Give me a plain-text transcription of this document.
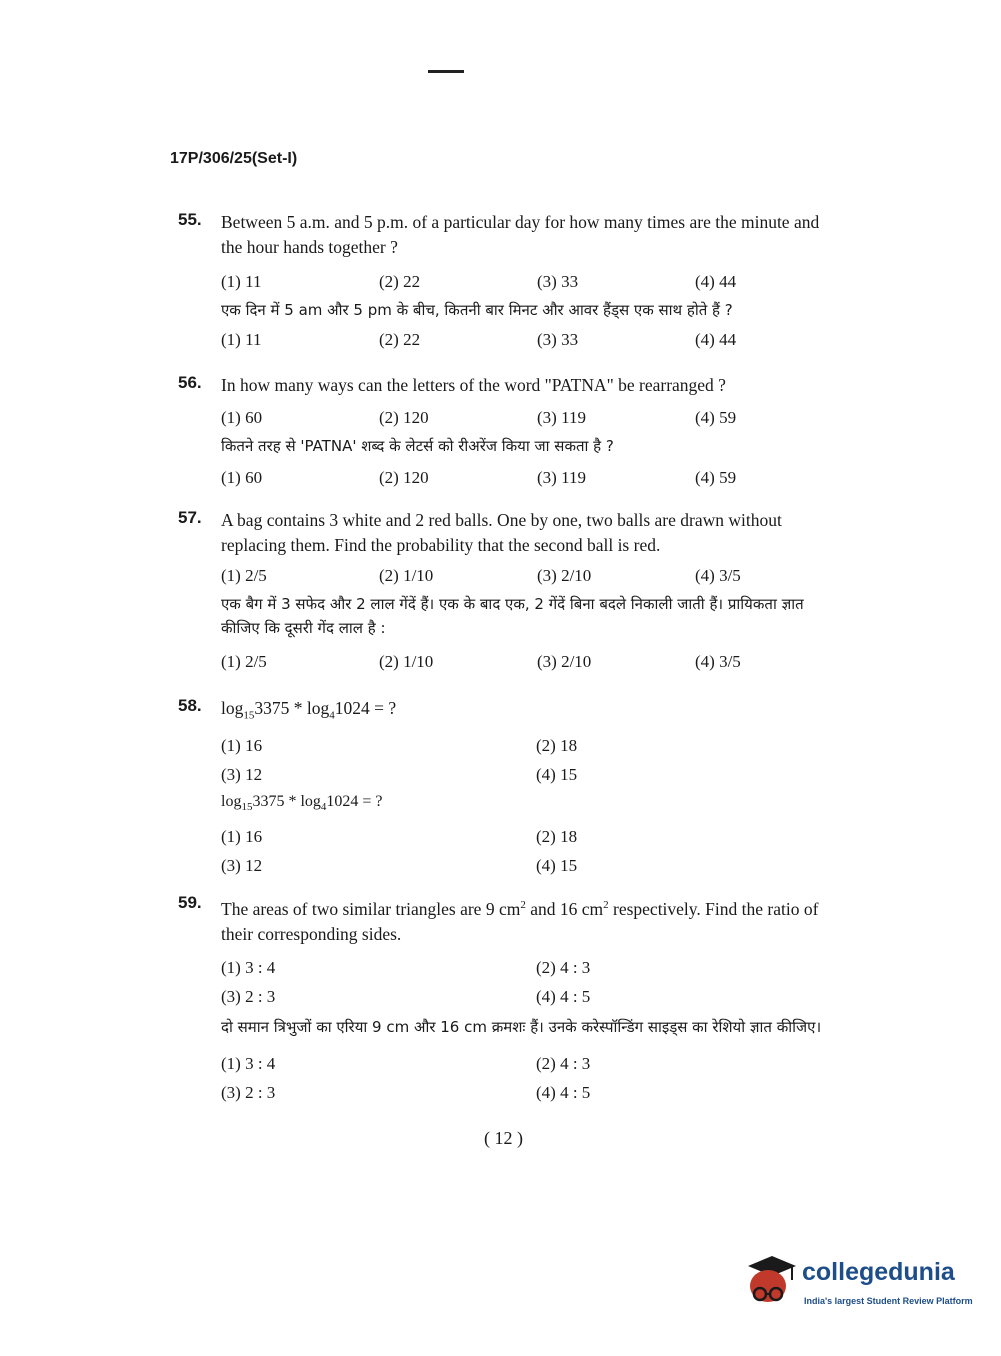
17P/306/25(Set-I)
55. Between 5 a.m. and 5 p.m. of a particular day for how many times are the minute and the hour hands together ?
(1) 11	(2) 22	(3) 33	(4) 44
एक दिन में 5 am और 5 pm के बीच, कितनी बार मिनट और आवर हैंड्स एक साथ होते हैं ?
(1) 11	(2) 22	(3) 33	(4) 44
56. In how many ways can the letters of the word "PATNA" be rearranged ?
(1) 60	(2) 120	(3) 119	(4) 59
कितने तरह से 'PATNA' शब्द के लेटर्स को रीअरेंज किया जा सकता है ?
(1) 60	(2) 120	(3) 119	(4) 59
57. A bag contains 3 white and 2 red balls. One by one, two balls are drawn without replacing them. Find the probability that the second ball is red.
(1) 2/5	(2) 1/10	(3) 2/10	(4) 3/5
एक बैग में 3 सफेद और 2 लाल गेंदें हैं। एक के बाद एक, 2 गेंदें बिना बदले निकाली जाती हैं। प्रायिकता ज्ञात कीजिए कि दूसरी गेंद लाल है :
(1) 2/5	(2) 1/10	(3) 2/10	(4) 3/5
58. $\log_{15}3375 * \log_41024$ = ?
(1) 16	(2) 18
(3) 12	(4) 15
$\log_{15}3375 * \log_41024$ = ?
(1) 16	(2) 18
(3) 12	(4) 15
59. The areas of two similar triangles are 9 $cm^2$ and 16 $cm^2$ respectively. Find the ratio of their corresponding sides.
(1) 3 : 4	(2) 4 : 3
(3) 2 : 3	(4) 4 : 5
दो समान त्रिभुजों का एरिया 9 cm और 16 cm क्रमशः हैं। उनके करेस्पॉन्डिंग साइड्स का रेशियो ज्ञात कीजिए।
(1) 3 : 4	(2) 4 : 3
(3) 2 : 3	(4) 4 : 5
( 12 )
collegedunia
India's largest Student Review Platform
